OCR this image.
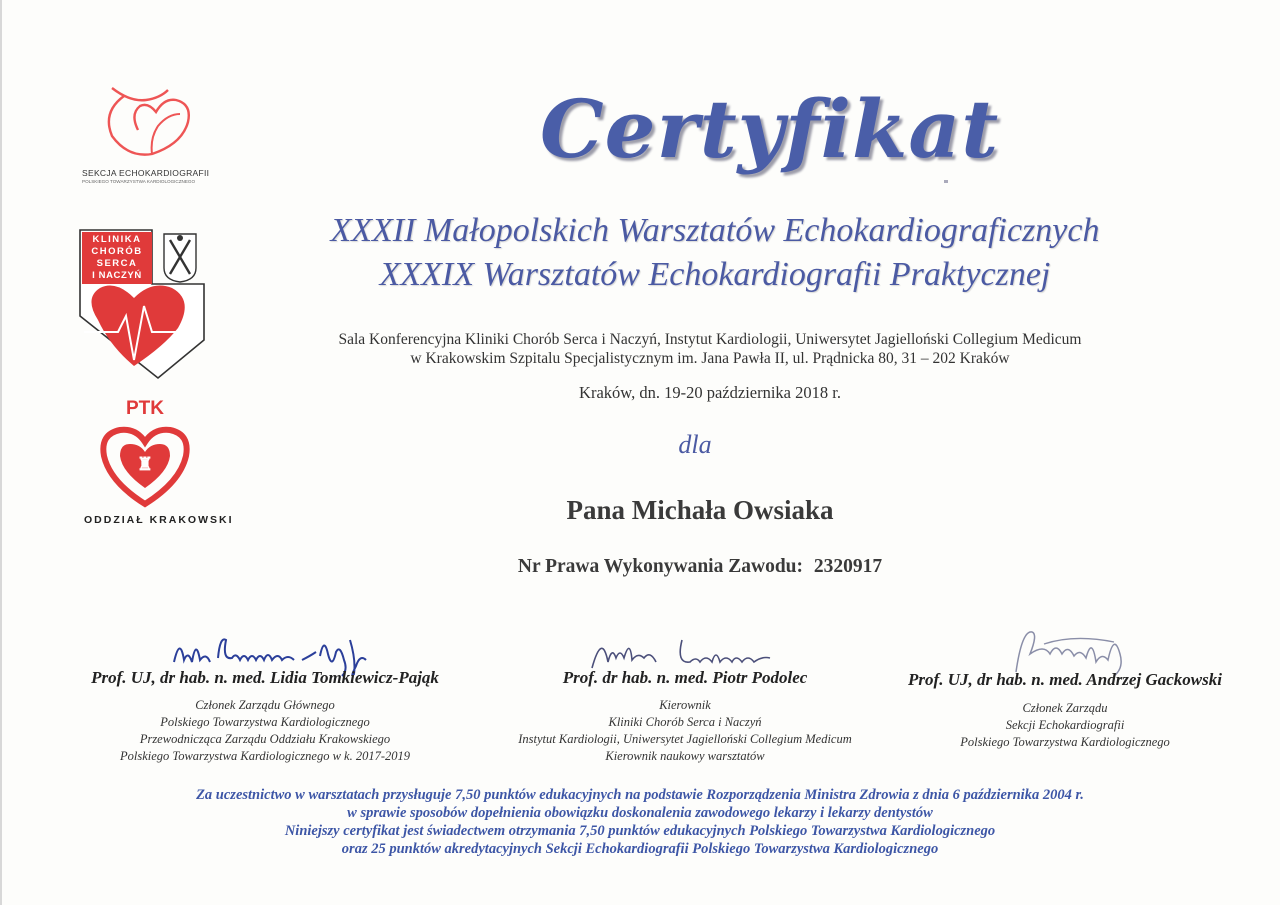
SEKCJA ECHOKARDIOGRAFII
POLSKIEGO TOWARZYSTWA KARDIOLOGICZNEGO
KLINIKA
CHORÓB
SERCA
I NACZYŃ
♜
PTK
ODDZIAŁ KRAKOWSKI
Certyfikat
XXXII Małopolskich Warsztatów Echokardiograficznych
XXXIX Warsztatów Echokardiografii Praktycznej
Sala Konferencyjna Kliniki Chorób Serca i Naczyń, Instytut Kardiologii, Uniwersytet Jagielloński Collegium Medicum
w Krakowskim Szpitalu Specjalistycznym im. Jana Pawła II, ul. Prądnicka 80, 31 – 202 Kraków
Kraków, dn. 19-20 października 2018 r.
dla
Pana Michała Owsiaka
Nr Prawa Wykonywania Zawodu: 2320917
Prof. UJ, dr hab. n. med. Lidia Tomkiewicz-Pająk
Członek Zarządu Głównego
Polskiego Towarzystwa Kardiologicznego
Przewodnicząca Zarządu Oddziału Krakowskiego
Polskiego Towarzystwa Kardiologicznego w k. 2017-2019
Prof. dr hab. n. med. Piotr Podolec
Kierownik
Kliniki Chorób Serca i Naczyń
Instytut Kardiologii, Uniwersytet Jagielloński Collegium Medicum
Kierownik naukowy warsztatów
Prof. UJ, dr hab. n. med. Andrzej Gackowski
Członek Zarządu
Sekcji Echokardiografii
Polskiego Towarzystwa Kardiologicznego
Za uczestnictwo w warsztatach przysługuje 7,50 punktów edukacyjnych na podstawie Rozporządzenia Ministra Zdrowia z dnia 6 października 2004 r.
w sprawie sposobów dopełnienia obowiązku doskonalenia zawodowego lekarzy i lekarzy dentystów
Niniejszy certyfikat jest świadectwem otrzymania 7,50 punktów edukacyjnych Polskiego Towarzystwa Kardiologicznego
oraz 25 punktów akredytacyjnych Sekcji Echokardiografii Polskiego Towarzystwa Kardiologicznego
